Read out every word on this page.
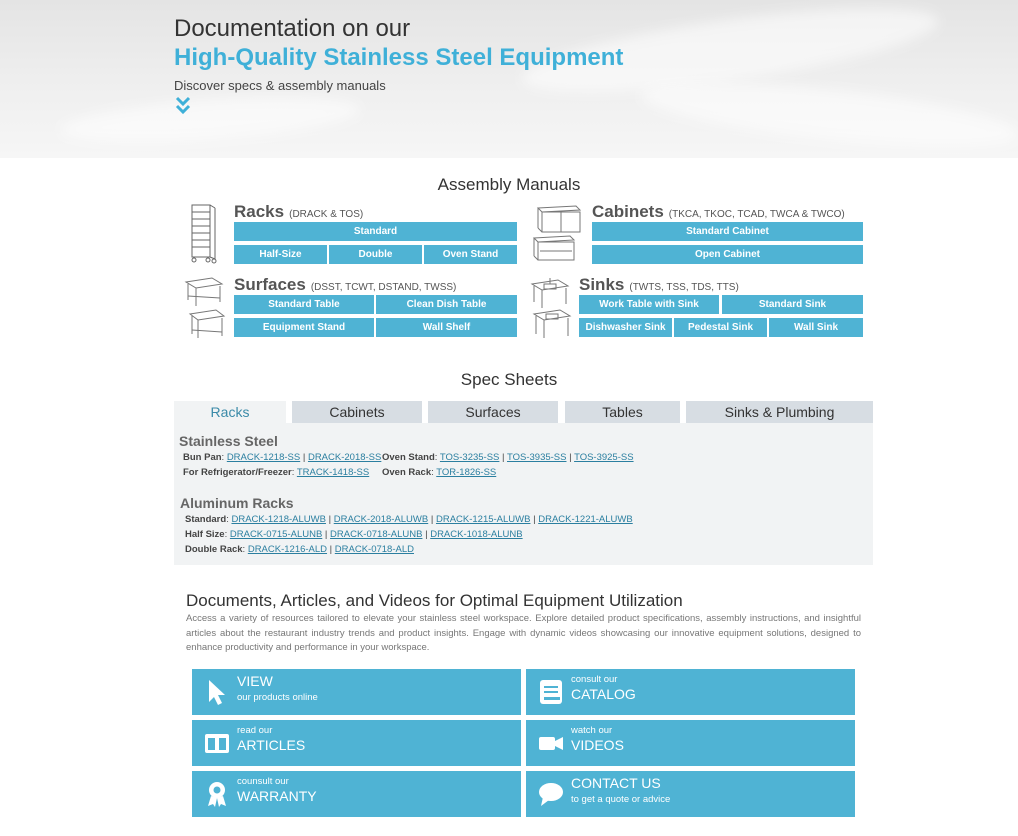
Documentation on our
High-Quality Stainless Steel Equipment
Discover specs & assembly manuals
Assembly Manuals
Racks (DRACK & TOS)
Standard
Half-Size	Double	Oven Stand
Cabinets (TKCA, TKOC, TCAD, TWCA & TWCO)
Standard Cabinet
Open Cabinet
Surfaces (DSST, TCWT, DSTAND, TWSS)
Standard Table	Clean Dish Table
Equipment Stand	Wall Shelf
Sinks (TWTS, TSS, TDS, TTS)
Work Table with Sink	Standard Sink
Dishwasher Sink	Pedestal Sink	Wall Sink
Spec Sheets
Racks	Cabinets	Surfaces	Tables	Sinks & Plumbing
Stainless Steel
Bun Pan: DRACK-1218-SS | DRACK-2018-SS Oven Stand: TOS-3235-SS | TOS-3935-SS | TOS-3925-SS
For Refrigerator/Freezer: TRACK-1418-SS Oven Rack: TOR-1826-SS
Aluminum Racks
Standard: DRACK-1218-ALUWB | DRACK-2018-ALUWB | DRACK-1215-ALUWB | DRACK-1221-ALUWB
Half Size: DRACK-0715-ALUNB | DRACK-0718-ALUNB | DRACK-1018-ALUNB
Double Rack: DRACK-1216-ALD | DRACK-0718-ALD
Documents, Articles, and Videos for Optimal Equipment Utilization
Access a variety of resources tailored to elevate your stainless steel workspace. Explore detailed product specifications, assembly instructions, and insightful articles about the restaurant industry trends and product insights. Engage with dynamic videos showcasing our innovative equipment solutions, designed to enhance productivity and performance in your workspace.
VIEW
our products online
consult our
CATALOG
read our
ARTICLES
watch our
VIDEOS
counsult our
WARRANTY
CONTACT US
to get a quote or advice
